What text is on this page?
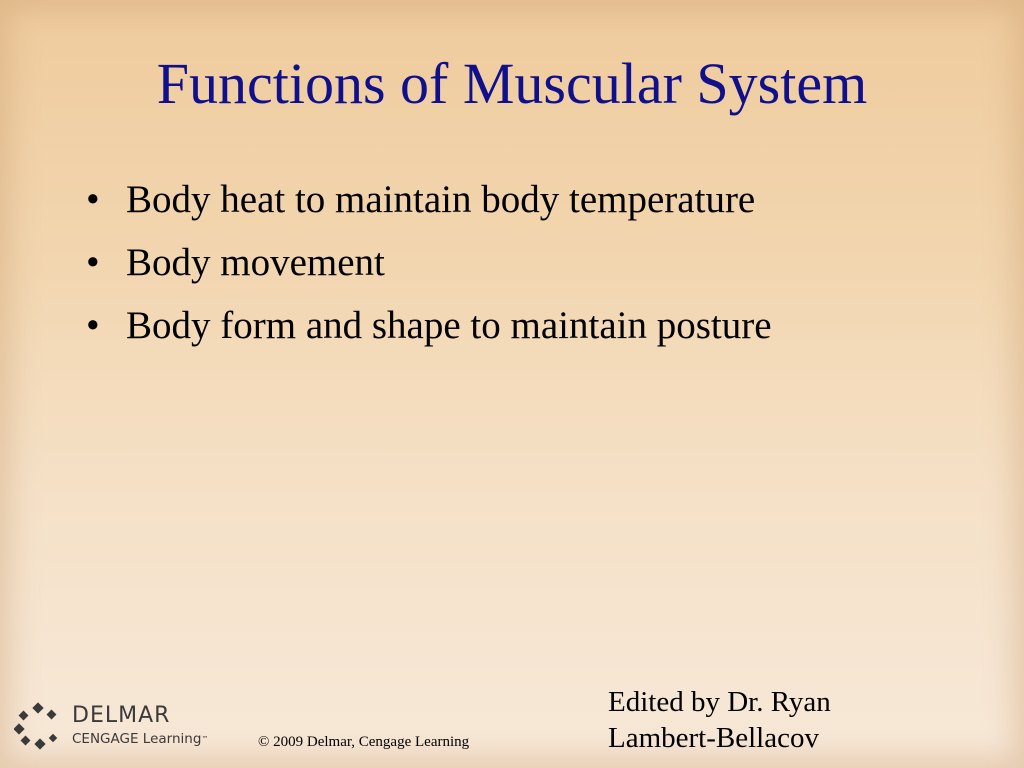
Functions of Muscular System
• Body heat to maintain body temperature
• Body movement
• Body form and shape to maintain posture
DELMAR
CENGAGE Learning™	© 2009 Delmar, Cengage Learning
Edited by Dr. Ryan
Lambert-Bellacov
